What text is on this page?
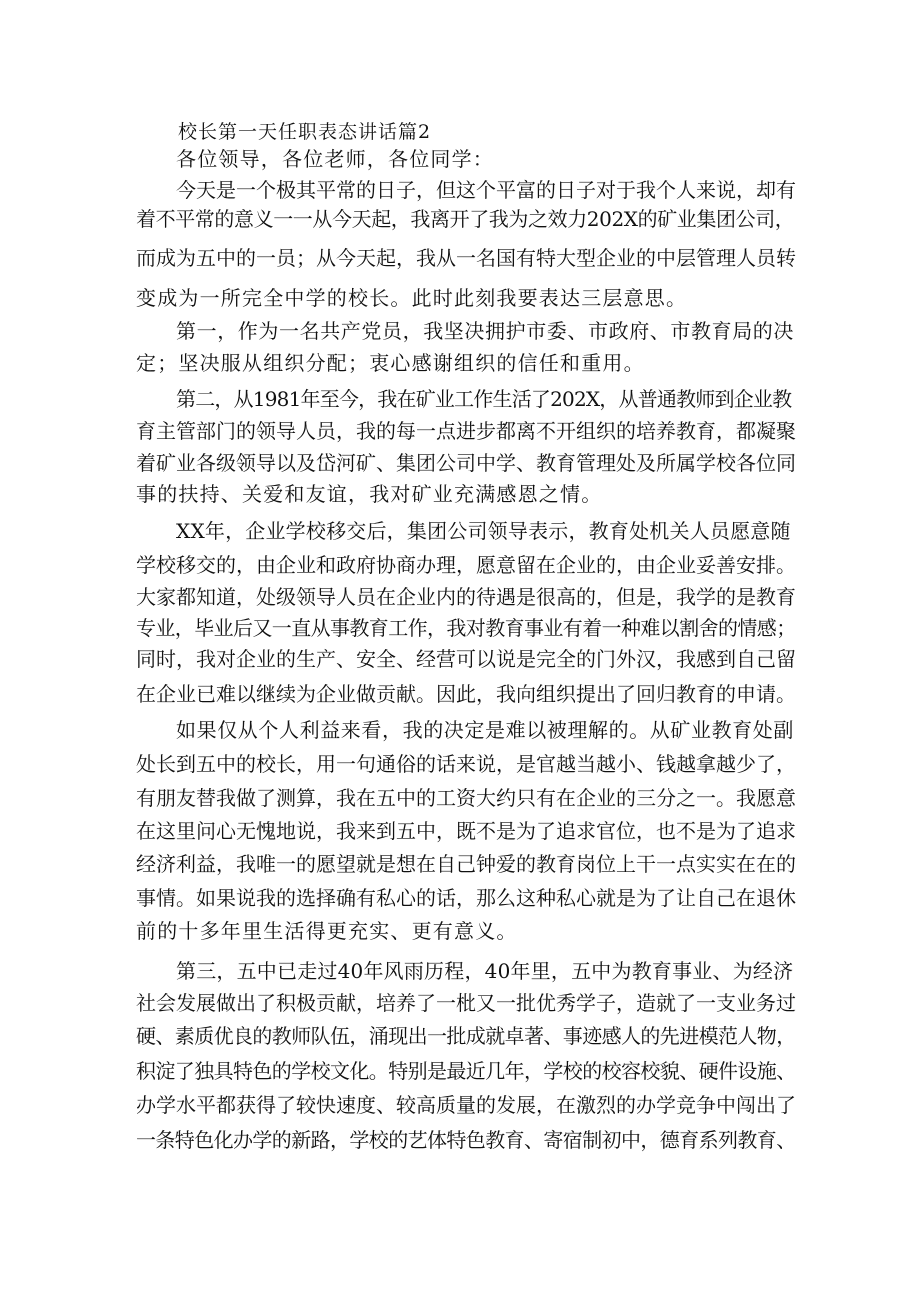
校长第一天任职表态讲话篇2
各位领导，各位老师，各位同学：
今天是一个极其平常的日子，但这个平富的日子对于我个人来说，却有
着不平常的意义一一从今天起，我离开了我为之效力202X的矿业集团公司，
而成为五中的一员；从今天起，我从一名国有特大型企业的中层管理人员转
变成为一所完全中学的校长。此时此刻我要表达三层意思。
第一，作为一名共产党员，我坚决拥护市委、市政府、市教育局的决
定；坚决服从组织分配；衷心感谢组织的信任和重用。
第二，从1981年至今，我在矿业工作生活了202X，从普通教师到企业教
育主管部门的领导人员，我的每一点进步都离不开组织的培养教育，都凝聚
着矿业各级领导以及岱河矿、集团公司中学、教育管理处及所属学校各位同
事的扶持、关爱和友谊，我对矿业充满感恩之情。
XX年，企业学校移交后，集团公司领导表示，教育处机关人员愿意随
学校移交的，由企业和政府协商办理，愿意留在企业的，由企业妥善安排。
大家都知道，处级领导人员在企业内的待遇是很高的，但是，我学的是教育
专业，毕业后又一直从事教育工作，我对教育事业有着一种难以割舍的情感；
同时，我对企业的生产、安全、经营可以说是完全的门外汉，我感到自己留
在企业已难以继续为企业做贡献。因此，我向组织提出了回归教育的申请。
如果仅从个人利益来看，我的决定是难以被理解的。从矿业教育处副
处长到五中的校长，用一句通俗的话来说，是官越当越小、钱越拿越少了，
有朋友替我做了测算，我在五中的工资大约只有在企业的三分之一。我愿意
在这里问心无愧地说，我来到五中，既不是为了追求官位，也不是为了追求
经济利益，我唯一的愿望就是想在自己钟爱的教育岗位上干一点实实在在的
事情。如果说我的选择确有私心的话，那么这种私心就是为了让自己在退休
前的十多年里生活得更充实、更有意义。
第三，五中已走过40年风雨历程，40年里，五中为教育事业、为经济
社会发展做出了积极贡献，培养了一枇又一批优秀学子，造就了一支业务过
硬、素质优良的教师队伍，涌现出一批成就卓著、事迹感人的先进模范人物，
积淀了独具特色的学校文化。特别是最近几年，学校的校容校貌、硬件设施、
办学水平都获得了较快速度、较高质量的发展，在激烈的办学竞争中闯出了
一条特色化办学的新路，学校的艺体特色教育、寄宿制初中，德育系列教育、
